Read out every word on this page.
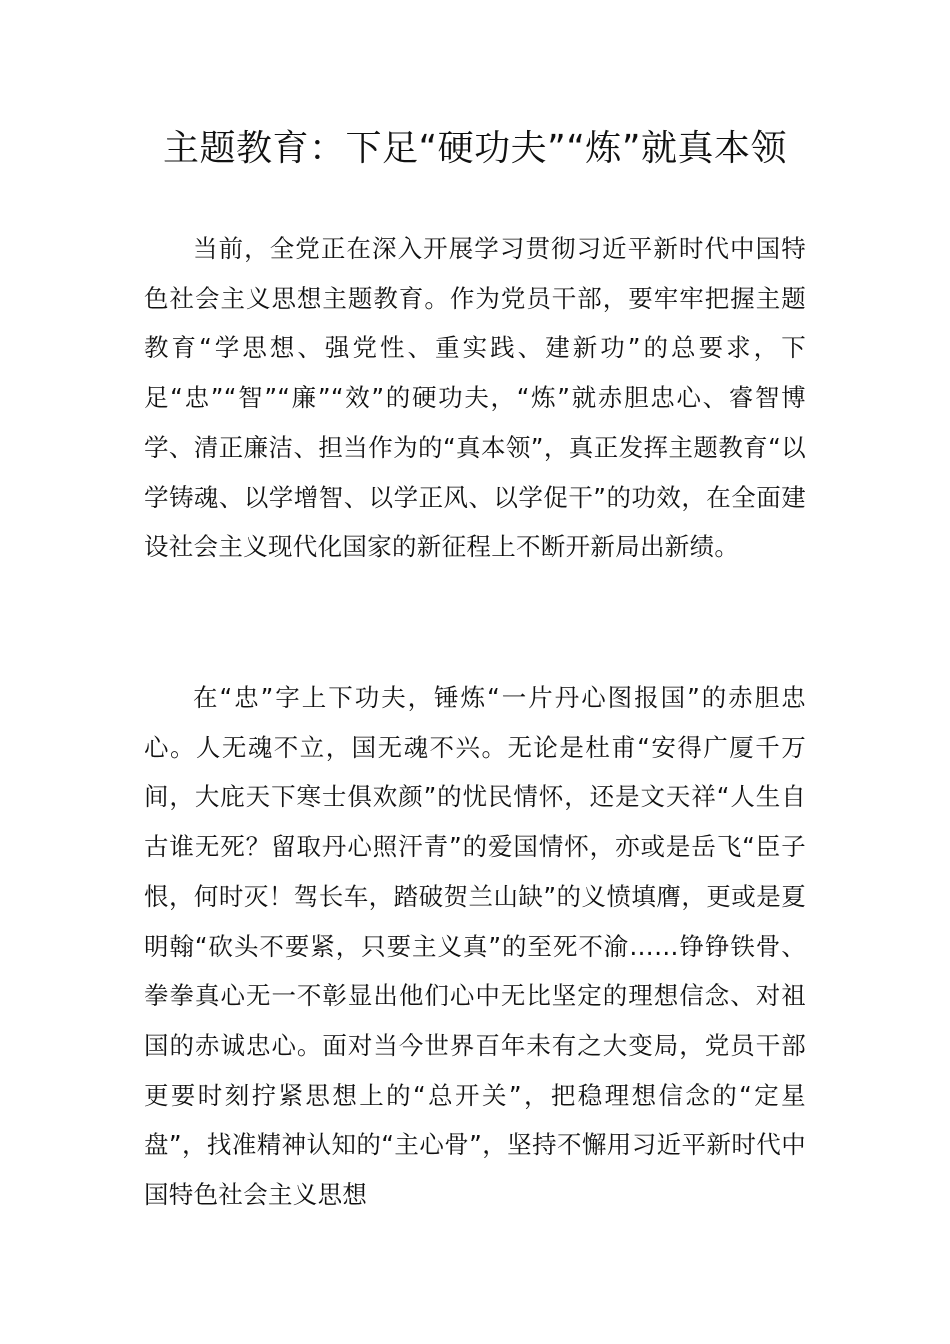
主题教育：下足“硬功夫”“炼”就真本领

当前，全党正在深入开展学习贯彻习近平新时代中国特色社会主义思想主题教育。作为党员干部，要牢牢把握主题教育“学思想、强党性、重实践、建新功”的总要求，下足“忠”“智”“廉”“效”的硬功夫，“炼”就赤胆忠心、睿智博学、清正廉洁、担当作为的“真本领”，真正发挥主题教育“以学铸魂、以学增智、以学正风、以学促干”的功效，在全面建设社会主义现代化国家的新征程上不断开新局出新绩。

在“忠”字上下功夫，锤炼“一片丹心图报国”的赤胆忠心。人无魂不立，国无魂不兴。无论是杜甫“安得广厦千万间，大庇天下寒士俱欢颜”的忧民情怀，还是文天祥“人生自古谁无死？留取丹心照汗青”的爱国情怀，亦或是岳飞“臣子恨，何时灭！驾长车，踏破贺兰山缺”的义愤填膺，更或是夏明翰“砍头不要紧，只要主义真”的至死不渝……铮铮铁骨、拳拳真心无一不彰显出他们心中无比坚定的理想信念、对祖国的赤诚忠心。面对当今世界百年未有之大变局，党员干部更要时刻拧紧思想上的“总开关”，把稳理想信念的“定星盘”，找准精神认知的“主心骨”，坚持不懈用习近平新时代中国特色社会主义思想
